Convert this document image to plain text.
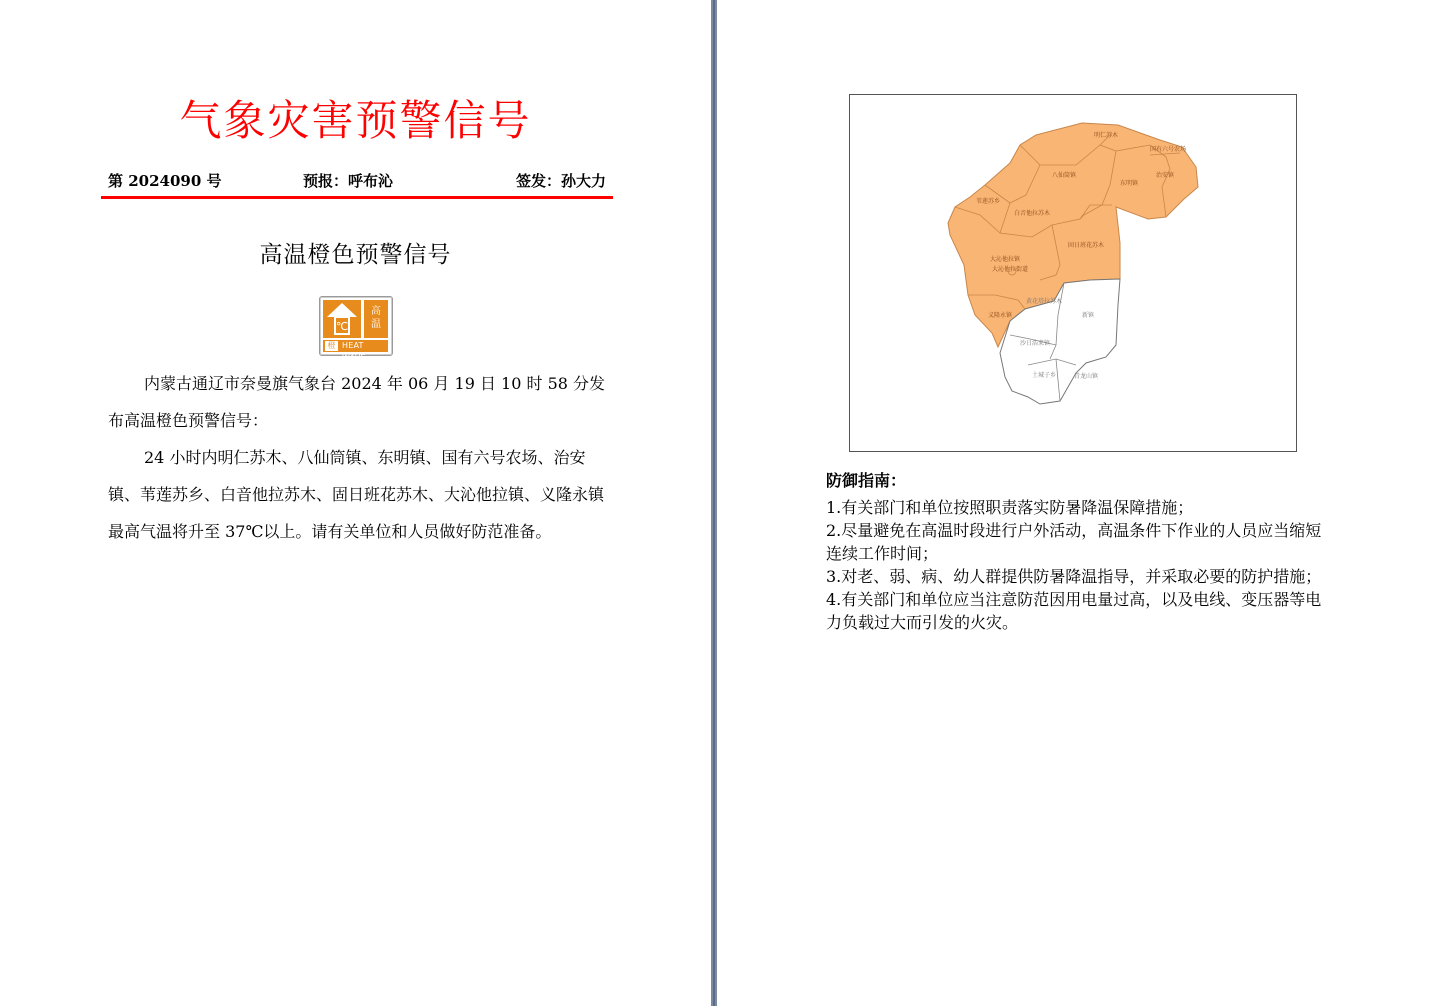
气象灾害预警信号
第 2024090 号	预报：呼布沁	签发：孙大力
高温橙色预警信号
℃
高温
橙 HEAT WAVE
内蒙古通辽市奈曼旗气象台 2024 年 06 月 19 日 10 时 58 分发布高温橙色预警信号：
24 小时内明仁苏木、八仙筒镇、东明镇、国有六号农场、治安镇、苇莲苏乡、白音他拉苏木、固日班花苏木、大沁他拉镇、义隆永镇最高气温将升至 37℃以上。请有关单位和人员做好防范准备。
明仁苏木
国有六号农场
八仙筒镇
东明镇
治安镇
苇莲苏乡
白音他拉苏木
固日班花苏木
大沁他拉镇
大沁他拉街道
义隆永镇
黄花塔拉苏木
新镇
沙日浩来镇
土城子乡	青龙山镇
防御指南：
1.有关部门和单位按照职责落实防暑降温保障措施；
2.尽量避免在高温时段进行户外活动，高温条件下作业的人员应当缩短连续工作时间；
3.对老、弱、病、幼人群提供防暑降温指导，并采取必要的防护措施；
4.有关部门和单位应当注意防范因用电量过高，以及电线、变压器等电力负载过大而引发的火灾。
